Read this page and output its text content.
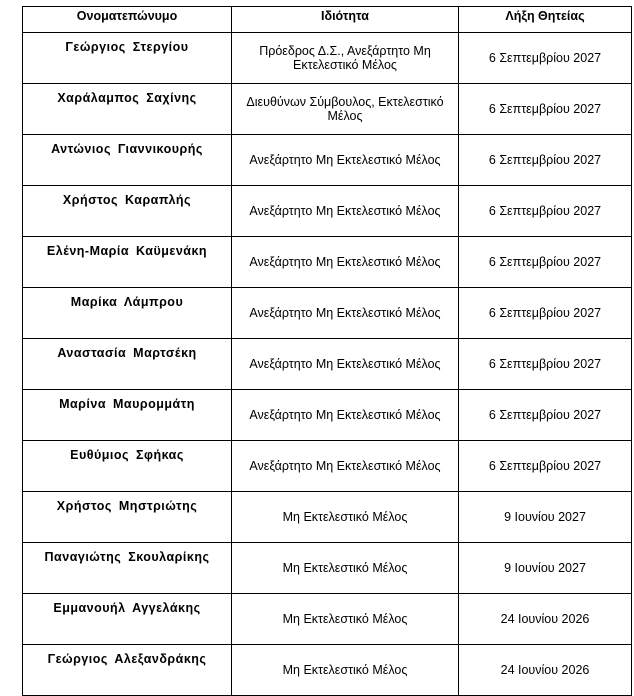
Ονοματεπώνυμο	Ιδιότητα	Λήξη Θητείας
Γεώργιος Στεργίου	Πρόεδρος Δ.Σ., Ανεξάρτητο Μη Εκτελεστικό Μέλος	6 Σεπτεμβρίου 2027
Χαράλαμπος Σαχίνης	Διευθύνων Σύμβουλος, Εκτελεστικό Μέλος	6 Σεπτεμβρίου 2027
Αντώνιος Γιαννικουρής	Ανεξάρτητο Μη Εκτελεστικό Μέλος	6 Σεπτεμβρίου 2027
Χρήστος Καραπλής	Ανεξάρτητο Μη Εκτελεστικό Μέλος	6 Σεπτεμβρίου 2027
Ελένη-Μαρία Καϋμενάκη	Ανεξάρτητο Μη Εκτελεστικό Μέλος	6 Σεπτεμβρίου 2027
Μαρίκα Λάμπρου	Ανεξάρτητο Μη Εκτελεστικό Μέλος	6 Σεπτεμβρίου 2027
Αναστασία Μαρτσέκη	Ανεξάρτητο Μη Εκτελεστικό Μέλος	6 Σεπτεμβρίου 2027
Μαρίνα Μαυρομμάτη	Ανεξάρτητο Μη Εκτελεστικό Μέλος	6 Σεπτεμβρίου 2027
Ευθύμιος Σφήκας	Ανεξάρτητο Μη Εκτελεστικό Μέλος	6 Σεπτεμβρίου 2027
Χρήστος Μηστριώτης	Μη Εκτελεστικό Μέλος	9 Ιουνίου 2027
Παναγιώτης Σκουλαρίκης	Μη Εκτελεστικό Μέλος	9 Ιουνίου 2027
Εμμανουήλ Αγγελάκης	Μη Εκτελεστικό Μέλος	24 Ιουνίου 2026
Γεώργιος Αλεξανδράκης	Μη Εκτελεστικό Μέλος	24 Ιουνίου 2026
